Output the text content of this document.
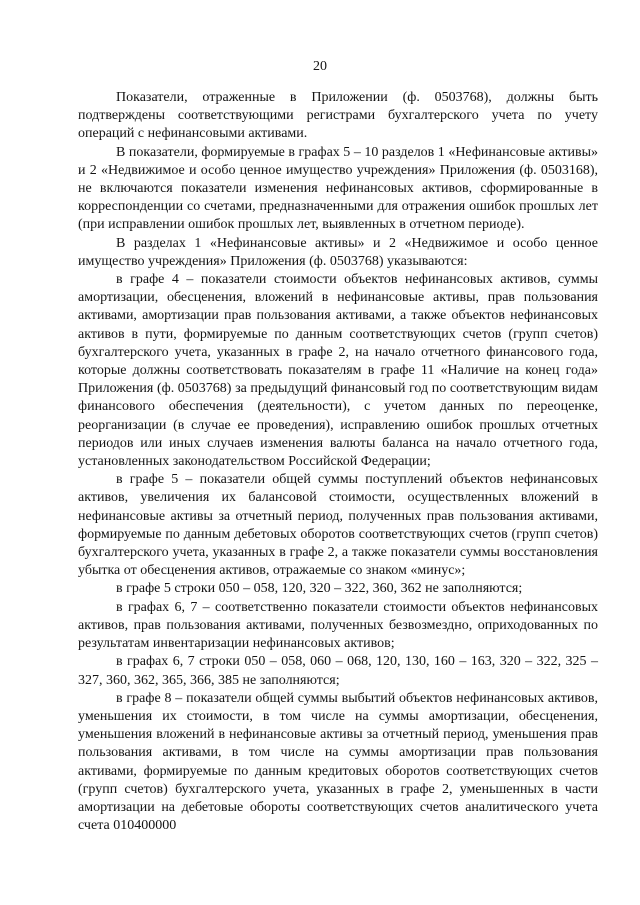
20

Показатели, отраженные в Приложении (ф. 0503768), должны быть подтверждены соответствующими регистрами бухгалтерского учета по учету операций с нефинансовыми активами.

В показатели, формируемые в графах 5 – 10 разделов 1 «Нефинансовые активы» и 2 «Недвижимое и особо ценное имущество учреждения» Приложения (ф. 0503168), не включаются показатели изменения нефинансовых активов, сформированные в корреспонденции со счетами, предназначенными для отражения ошибок прошлых лет (при исправлении ошибок прошлых лет, выявленных в отчетном периоде).

В разделах 1 «Нефинансовые активы» и 2 «Недвижимое и особо ценное имущество учреждения» Приложения (ф. 0503768) указываются:

в графе 4 – показатели стоимости объектов нефинансовых активов, суммы амортизации, обесценения, вложений в нефинансовые активы, прав пользования активами, амортизации прав пользования активами, а также объектов нефинансовых активов в пути, формируемые по данным соответствующих счетов (групп счетов) бухгалтерского учета, указанных в графе 2, на начало отчетного финансового года, которые должны соответствовать показателям в графе 11 «Наличие на конец года» Приложения (ф. 0503768) за предыдущий финансовый год по соответствующим видам финансового обеспечения (деятельности), с учетом данных по переоценке, реорганизации (в случае ее проведения), исправлению ошибок прошлых отчетных периодов или иных случаев изменения валюты баланса на начало отчетного года, установленных законодательством Российской Федерации;

в графе 5 – показатели общей суммы поступлений объектов нефинансовых активов, увеличения их балансовой стоимости, осуществленных вложений в нефинансовые активы за отчетный период, полученных прав пользования активами, формируемые по данным дебетовых оборотов соответствующих счетов (групп счетов) бухгалтерского учета, указанных в графе 2, а также показатели суммы восстановления убытка от обесценения активов, отражаемые со знаком «минус»;

в графе 5 строки 050 – 058, 120, 320 – 322, 360, 362 не заполняются;

в графах 6, 7 – соответственно показатели стоимости объектов нефинансовых активов, прав пользования активами, полученных безвозмездно, оприходованных по результатам инвентаризации нефинансовых активов;

в графах 6, 7 строки 050 – 058, 060 – 068, 120, 130, 160 – 163, 320 – 322, 325 – 327, 360, 362, 365, 366, 385 не заполняются;

в графе 8 – показатели общей суммы выбытий объектов нефинансовых активов, уменьшения их стоимости, в том числе на суммы амортизации, обесценения, уменьшения вложений в нефинансовые активы за отчетный период, уменьшения прав пользования активами, в том числе на суммы амортизации прав пользования активами, формируемые по данным кредитовых оборотов соответствующих счетов (групп счетов) бухгалтерского учета, указанных в графе 2, уменьшенных в части амортизации на дебетовые обороты соответствующих счетов аналитического учета счета 010400000
